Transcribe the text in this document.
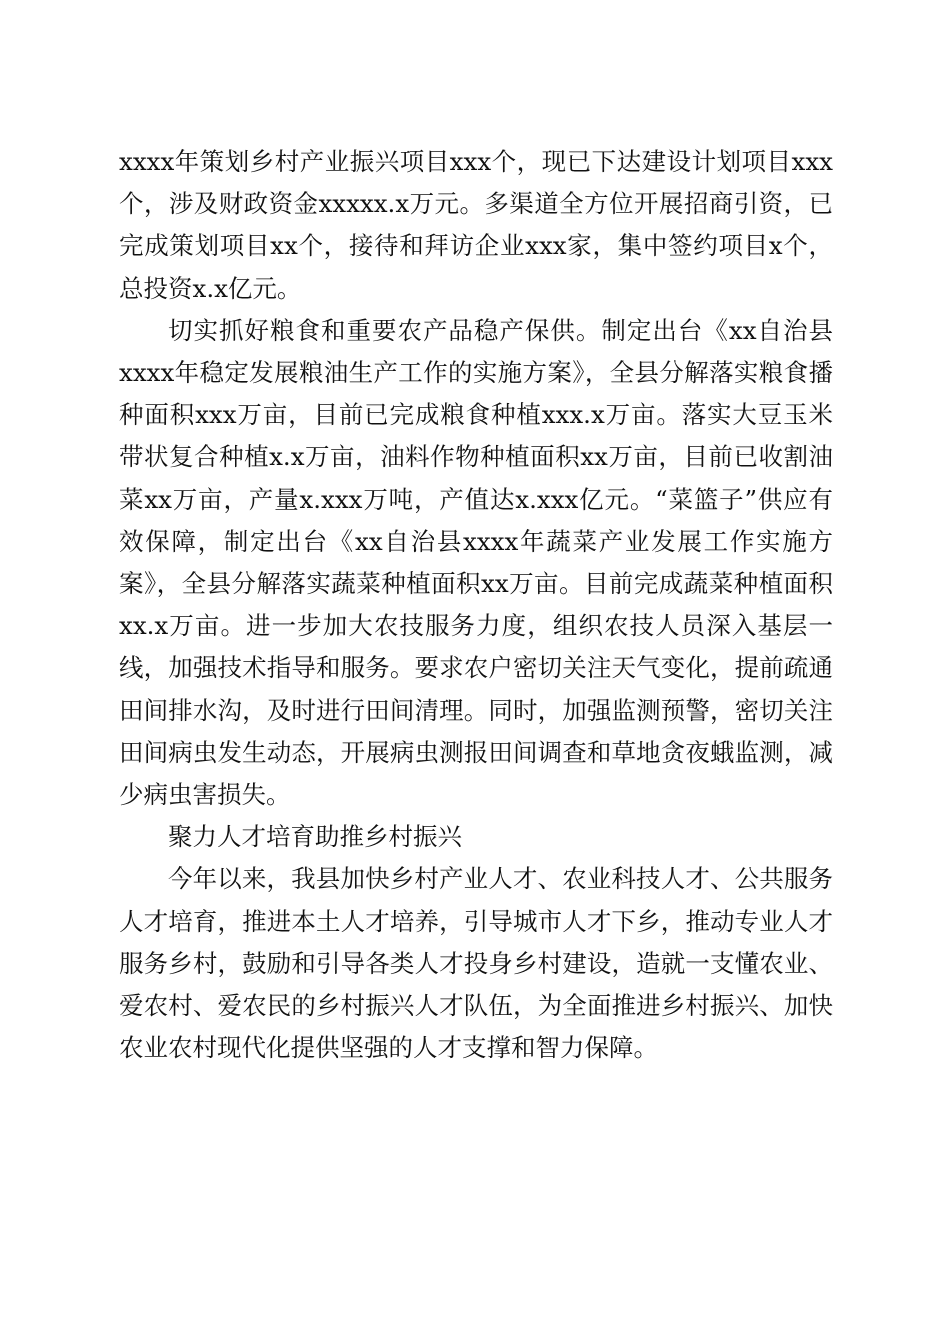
xxxx年策划乡村产业振兴项目xxx个，现已下达建设计划项目xxx个，涉及财政资金xxxxx.x万元。多渠道全方位开展招商引资，已完成策划项目xx个，接待和拜访企业xxx家，集中签约项目x个，总投资x.x亿元。

切实抓好粮食和重要农产品稳产保供。制定出台《xx自治县xxxx年稳定发展粮油生产工作的实施方案》，全县分解落实粮食播种面积xxx万亩，目前已完成粮食种植xxx.x万亩。落实大豆玉米带状复合种植x.x万亩，油料作物种植面积xx万亩，目前已收割油菜xx万亩，产量x.xxx万吨，产值达x.xxx亿元。“菜篮子”供应有效保障，制定出台《xx自治县xxxx年蔬菜产业发展工作实施方案》，全县分解落实蔬菜种植面积xx万亩。目前完成蔬菜种植面积xx.x万亩。进一步加大农技服务力度，组织农技人员深入基层一线，加强技术指导和服务。要求农户密切关注天气变化，提前疏通田间排水沟，及时进行田间清理。同时，加强监测预警，密切关注田间病虫发生动态，开展病虫测报田间调查和草地贪夜蛾监测，减少病虫害损失。

聚力人才培育助推乡村振兴

今年以来，我县加快乡村产业人才、农业科技人才、公共服务人才培育，推进本土人才培养，引导城市人才下乡，推动专业人才服务乡村，鼓励和引导各类人才投身乡村建设，造就一支懂农业、爱农村、爱农民的乡村振兴人才队伍，为全面推进乡村振兴、加快农业农村现代化提供坚强的人才支撑和智力保障。
